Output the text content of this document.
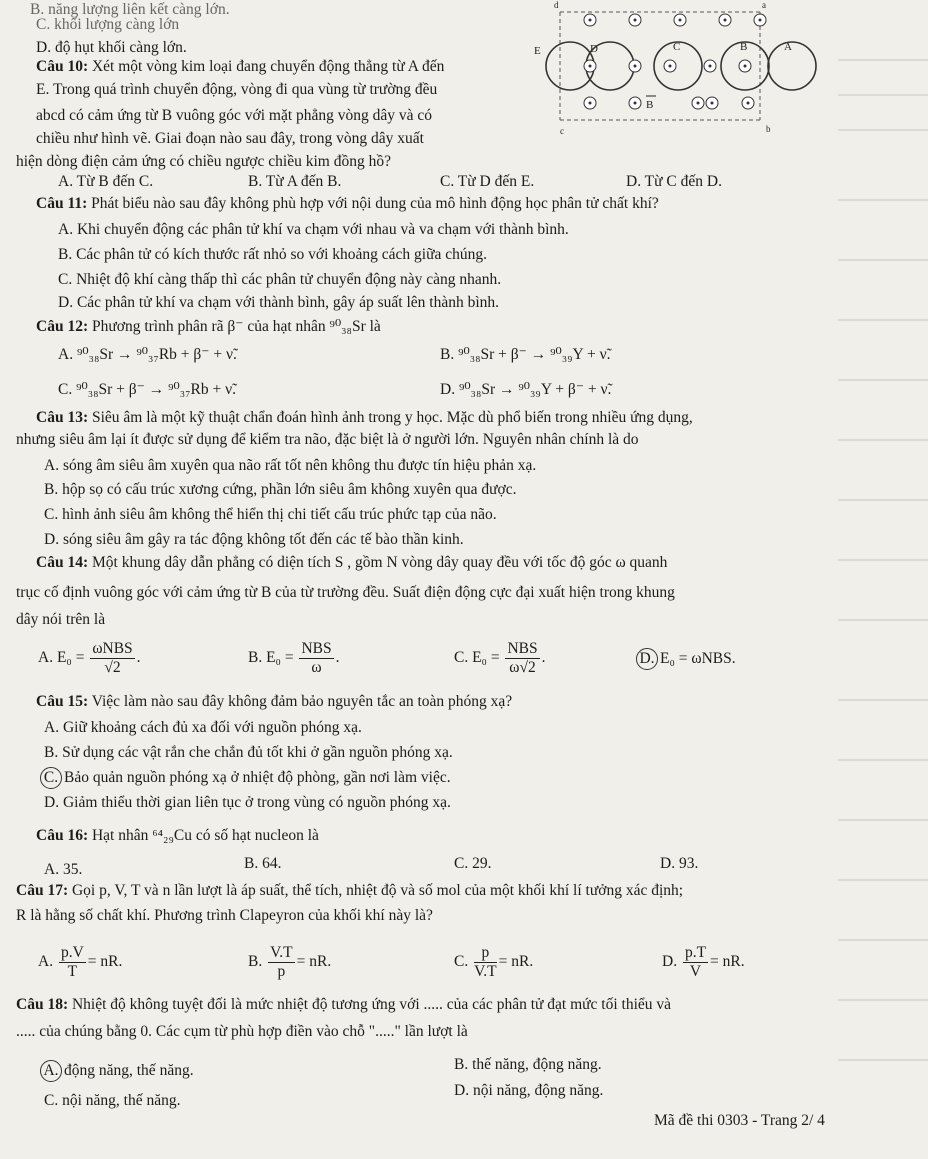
B. năng lượng liên kết càng lớn.
C. khối lượng càng lớn
D. độ hụt khối càng lớn.
Câu 10: Xét một vòng kim loại đang chuyển động thẳng từ A đến
E. Trong quá trình chuyển động, vòng đi qua vùng từ trường đều
abcd có cảm ứng từ B vuông góc với mặt phẳng vòng dây và có
chiều như hình vẽ. Giai đoạn nào sau đây, trong vòng dây xuất
hiện dòng điện cảm ứng có chiều ngược chiều kim đồng hồ?
A. Từ B đến C.	B. Từ A đến B.	C. Từ D đến E.	D. Từ C đến D.
E	D	C	B	A
B
a
b
c
d
Câu 11: Phát biểu nào sau đây không phù hợp với nội dung của mô hình động học phân tử chất khí?
A. Khi chuyển động các phân tử khí va chạm với nhau và va chạm với thành bình.
B. Các phân tử có kích thước rất nhỏ so với khoảng cách giữa chúng.
C. Nhiệt độ khí càng thấp thì các phân tử chuyển động này càng nhanh.
D. Các phân tử khí va chạm với thành bình, gây áp suất lên thành bình.
Câu 12: Phương trình phân rã β⁻ của hạt nhân ⁹⁰₃₈Sr là
A. ⁹⁰₃₈Sr → ⁹⁰₃₇Rb + β⁻ + ν̃.	B. ⁹⁰₃₈Sr + β⁻ → ⁹⁰₃₉Y + ν̃.
C. ⁹⁰₃₈Sr + β⁻ → ⁹⁰₃₇Rb + ν̃.	D. ⁹⁰₃₈Sr → ⁹⁰₃₉Y + β⁻ + ν̃.
Câu 13: Siêu âm là một kỹ thuật chẩn đoán hình ảnh trong y học. Mặc dù phổ biến trong nhiều ứng dụng,
nhưng siêu âm lại ít được sử dụng để kiểm tra não, đặc biệt là ở người lớn. Nguyên nhân chính là do
A. sóng âm siêu âm xuyên qua não rất tốt nên không thu được tín hiệu phản xạ.
B. hộp sọ có cấu trúc xương cứng, phần lớn siêu âm không xuyên qua được.
C. hình ảnh siêu âm không thể hiển thị chi tiết cấu trúc phức tạp của não.
D. sóng siêu âm gây ra tác động không tốt đến các tế bào thần kinh.
Câu 14: Một khung dây dẫn phẳng có diện tích S , gồm N vòng dây quay đều với tốc độ góc ω quanh
trục cố định vuông góc với cảm ứng từ B của từ trường đều. Suất điện động cực đại xuất hiện trong khung
dây nói trên là
A. $E_0 = \frac{\text{ωNBS}}{√2}$ .	B. $E_0 = \frac{\text{NBS}}{\omega}$ .	C. $E_0 = \frac{\text{NBS}}{\omega√2}$ .	D. E₀ = ωNBS.
Câu 15: Việc làm nào sau đây không đảm bảo nguyên tắc an toàn phóng xạ?
A. Giữ khoảng cách đủ xa đối với nguồn phóng xạ.
B. Sử dụng các vật rắn che chắn đủ tốt khi ở gần nguồn phóng xạ.
C. Bảo quản nguồn phóng xạ ở nhiệt độ phòng, gần nơi làm việc.
D. Giảm thiểu thời gian liên tục ở trong vùng có nguồn phóng xạ.
Câu 16: Hạt nhân ⁶⁴₂₉Cu có số hạt nucleon là
A. 35.	B. 64.	C. 29.	D. 93.
Câu 17: Gọi p, V, T và n lần lượt là áp suất, thể tích, nhiệt độ và số mol của một khối khí lí tưởng xác định;
R là hằng số chất khí. Phương trình Clapeyron của khối khí này là?
A. $\frac{p.V}{T}$ = nR.	B. $\frac{V.T}{p}$ = nR.	C. $\frac{p}{V.T}$ = nR.	D. $\frac{p.T}{V}$ = nR.
Câu 18: Nhiệt độ không tuyệt đối là mức nhiệt độ tương ứng với ..... của các phân tử đạt mức tối thiểu và
..... của chúng bằng 0. Các cụm từ phù hợp điền vào chỗ "....." lần lượt là
A. động năng, thế năng.	B. thế năng, động năng.
C. nội năng, thế năng.
D. nội năng, động năng.
Mã đề thi 0303 - Trang 2/ 4
